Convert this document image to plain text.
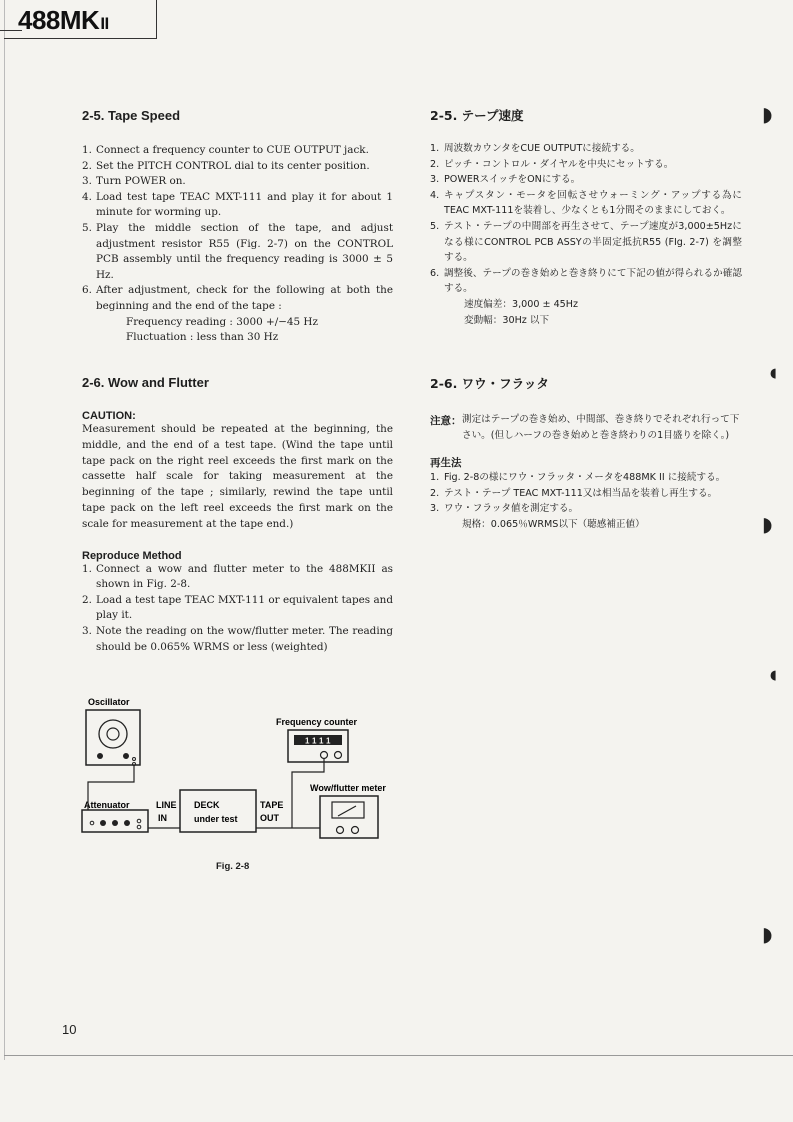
488MKII
2-5. Tape Speed
1. Connect a frequency counter to CUE OUTPUT jack.
2. Set the PITCH CONTROL dial to its center position.
3. Turn POWER on.
4. Load test tape TEAC MXT-111 and play it for about 1 minute for worming up.
5. Play the middle section of the tape, and adjust adjustment resistor R55 (Fig. 2-7) on the CONTROL PCB assembly until the frequency reading is 3000 ± 5 Hz.
6. After adjustment, check for the following at both the beginning and the end of the tape :
Frequency reading : 3000 +/−45 Hz
Fluctuation : less than 30 Hz
2-5. テープ速度
1. 周波数カウンタをCUE OUTPUTに接続する。
2. ピッチ・コントロル・ダイヤルを中央にセットする。
3. POWERスイッチをONにする。
4. キャプスタン・モータを回転させウォーミング・アップする為にTEAC MXT-111を装着し、少なくとも1分間そのままにしておく。
5. テスト・テープの中間部を再生させて、テープ速度が3,000±5Hzになる様にCONTROL PCB ASSYの半固定抵抗R55 (FIg. 2-7) を調整する。
6. 調整後、テープの巻き始めと巻き終りにて下記の値が得られるか確認する。
速度偏差：3,000 ± 45Hz
変動幅：30Hz 以下
2-6. Wow and Flutter
CAUTION:

Measurement should be repeated at the beginning, the middle, and the end of a test tape. (Wind the tape until tape pack on the right reel exceeds the first mark on the cassette half scale for taking measurement at the beginning of the tape ; similarly, rewind the tape until tape pack on the left reel exceeds the first mark on the scale for measurement at the tape end.)

Reproduce Method
1. Connect a wow and flutter meter to the 488MKII as shown in Fig. 2-8.
2. Load a test tape TEAC MXT-111 or equivalent tapes and play it.
3. Note the reading on the wow/flutter meter. The reading should be 0.065% WRMS or less (weighted)
2-6. ワウ・フラッタ
注意： 測定はテープの巻き始め、中間部、巻き終りでそれぞれ行って下さい。(但しハーフの巻き始めと巻き終わりの1目盛りを除く。)

再生法
1. Fig. 2-8の様にワウ・フラッタ・メータを488MK II に接続する。
2. テスト・テープ TEAC MXT-111又は相当品を装着し再生する。
3. ワウ・フラッタ値を測定する。
規格：0.065％WRMS以下（聴感補正値）
◗
◖
◗
◖
◗
Oscillator
Frequency counter
1111
Attenuator	DECK
under test
LINE
IN
TAPE
OUT
Wow/flutter meter
Fig. 2-8
10
